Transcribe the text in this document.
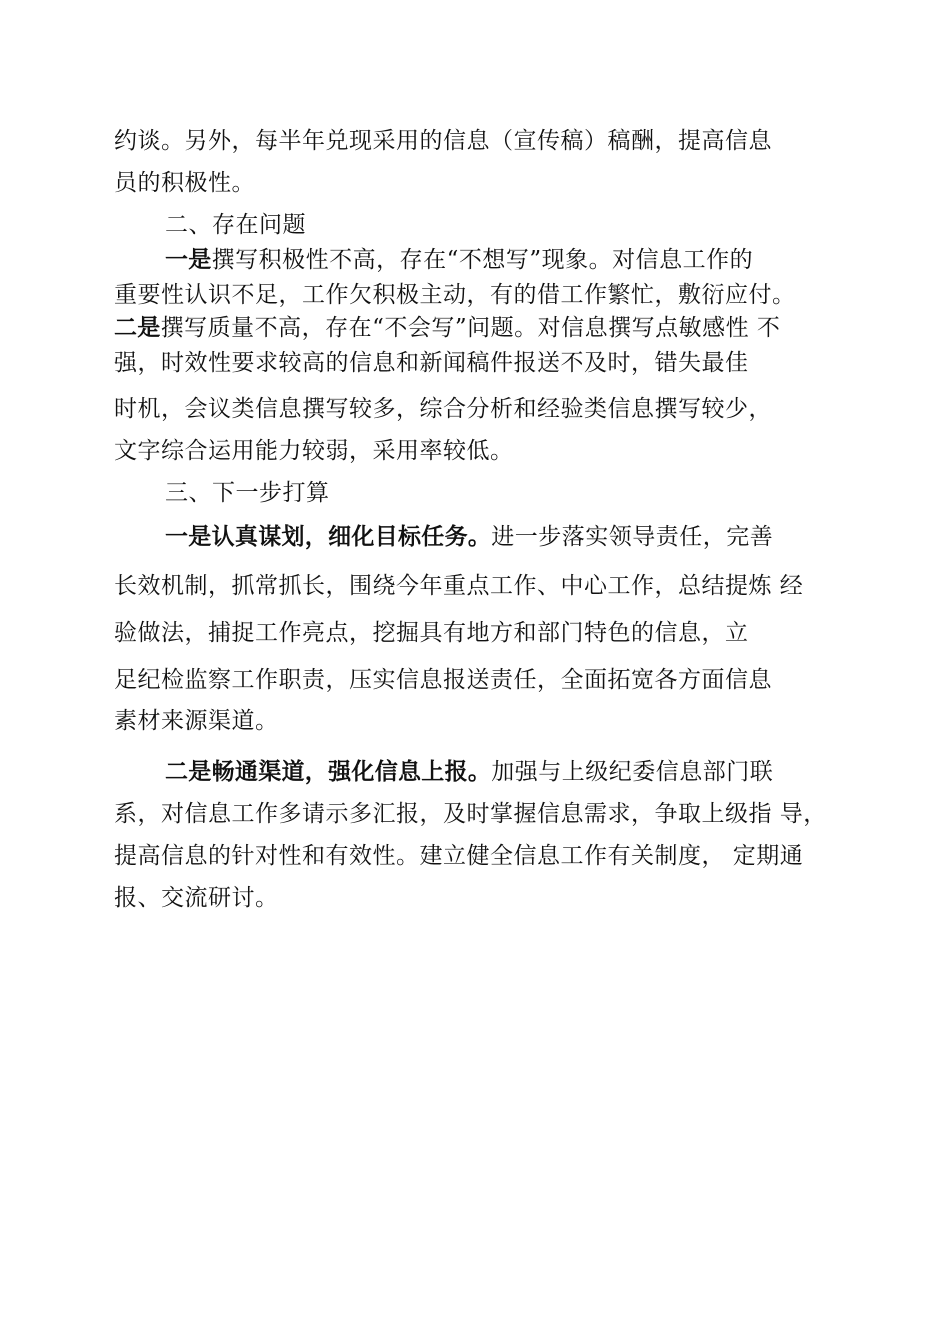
约谈。另外，每半年兑现采用的信息（宣传稿）稿酬，提高信息
员的积极性。
二、存在问题
一是撰写积极性不高，存在“不想写”现象。对信息工作的
重要性认识不足，工作欠积极主动，有的借工作繁忙，敷衍应付。
二是撰写质量不高，存在“不会写”问题。对信息撰写点敏感性 不
强，时效性要求较高的信息和新闻稿件报送不及时，错失最佳
时机，会议类信息撰写较多，综合分析和经验类信息撰写较少，
文字综合运用能力较弱，采用率较低。
三、下一步打算
一是认真谋划，细化目标任务。进一步落实领导责任，完善
长效机制，抓常抓长，围绕今年重点工作、中心工作，总结提炼 经
验做法，捕捉工作亮点，挖掘具有地方和部门特色的信息，立
足纪检监察工作职责，压实信息报送责任，全面拓宽各方面信息
素材来源渠道。
二是畅通渠道，强化信息上报。加强与上级纪委信息部门联
系，对信息工作多请示多汇报，及时掌握信息需求，争取上级指 导，
提高信息的针对性和有效性。建立健全信息工作有关制度， 定期通
报、交流研讨。
